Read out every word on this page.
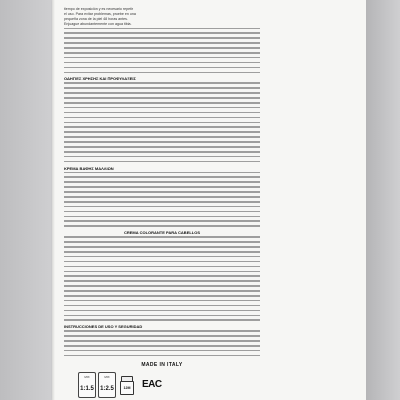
tiempo de exposición y es necesario repetir
el uso. Para evitar problemas, pruebe en una
pequeña zona de la piel 48 horas antes.
Enjuague abundantemente con agua tibia.

ΟΔΗΓΙΕΣ ΧΡΗΣΗΣ ΚΑΙ ΠΡΟΦΥΛΑΞΕΙΣ

ΚΡΕΜΑ ΒΑΦΗΣ ΜΑΛΛΙΩΝ

CREMA COLORANTE PARA CABELLOS

INSTRUCCIONES DE USO Y SEGURIDAD

MADE IN ITALY
MIX
1:1.5
MIX
1:2.5	12M EAC
